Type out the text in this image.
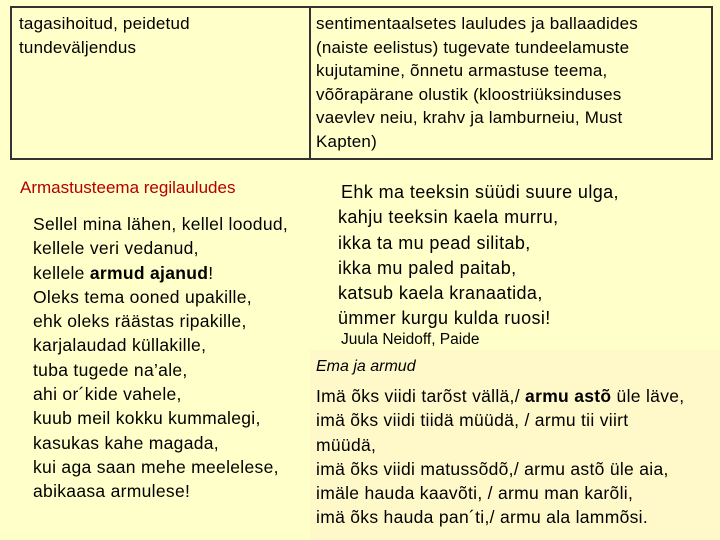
tagasihoitud, peidetud
tundeväljendus
sentimentaalsetes lauludes ja ballaadides
(naiste eelistus) tugevate tundeelamuste
kujutamine, õnnetu armastuse teema,
võõrapärane olustik (kloostriüksinduses
vaevlev neiu, krahv ja lamburneiu, Must
Kapten)
Armastusteema regilauludes
Sellel mina lähen, kellel loodud,
kellele veri vedanud,
kellele armud ajanud!
Oleks tema ooned upakille,
ehk oleks räästas ripakille,
karjalaudad küllakille,
tuba tugede na’ale,
ahi or´kide vahele,
kuub meil kokku kummalegi,
kasukas kahe magada,
kui aga saan mehe meelelese,
abikaasa armulese!
Ehk ma teeksin süüdi suure ulga,
kahju teeksin kaela murru,
ikka ta mu pead silitab,
ikka mu paled paitab,
katsub kaela kranaatida,
ümmer kurgu kulda ruosi!
Juula Neidoff, Paide
Ema ja armud
Imä õks viidi tarõst vällä,/ armu astõ üle läve,
imä õks viidi tiidä müüdä, / armu tii viirt
müüdä,
imä õks viidi matussõdõ,/ armu astõ üle aia,
imäle hauda kaavõti, / armu man karõli,
imä õks hauda pan´ti,/ armu ala lammõsi.
